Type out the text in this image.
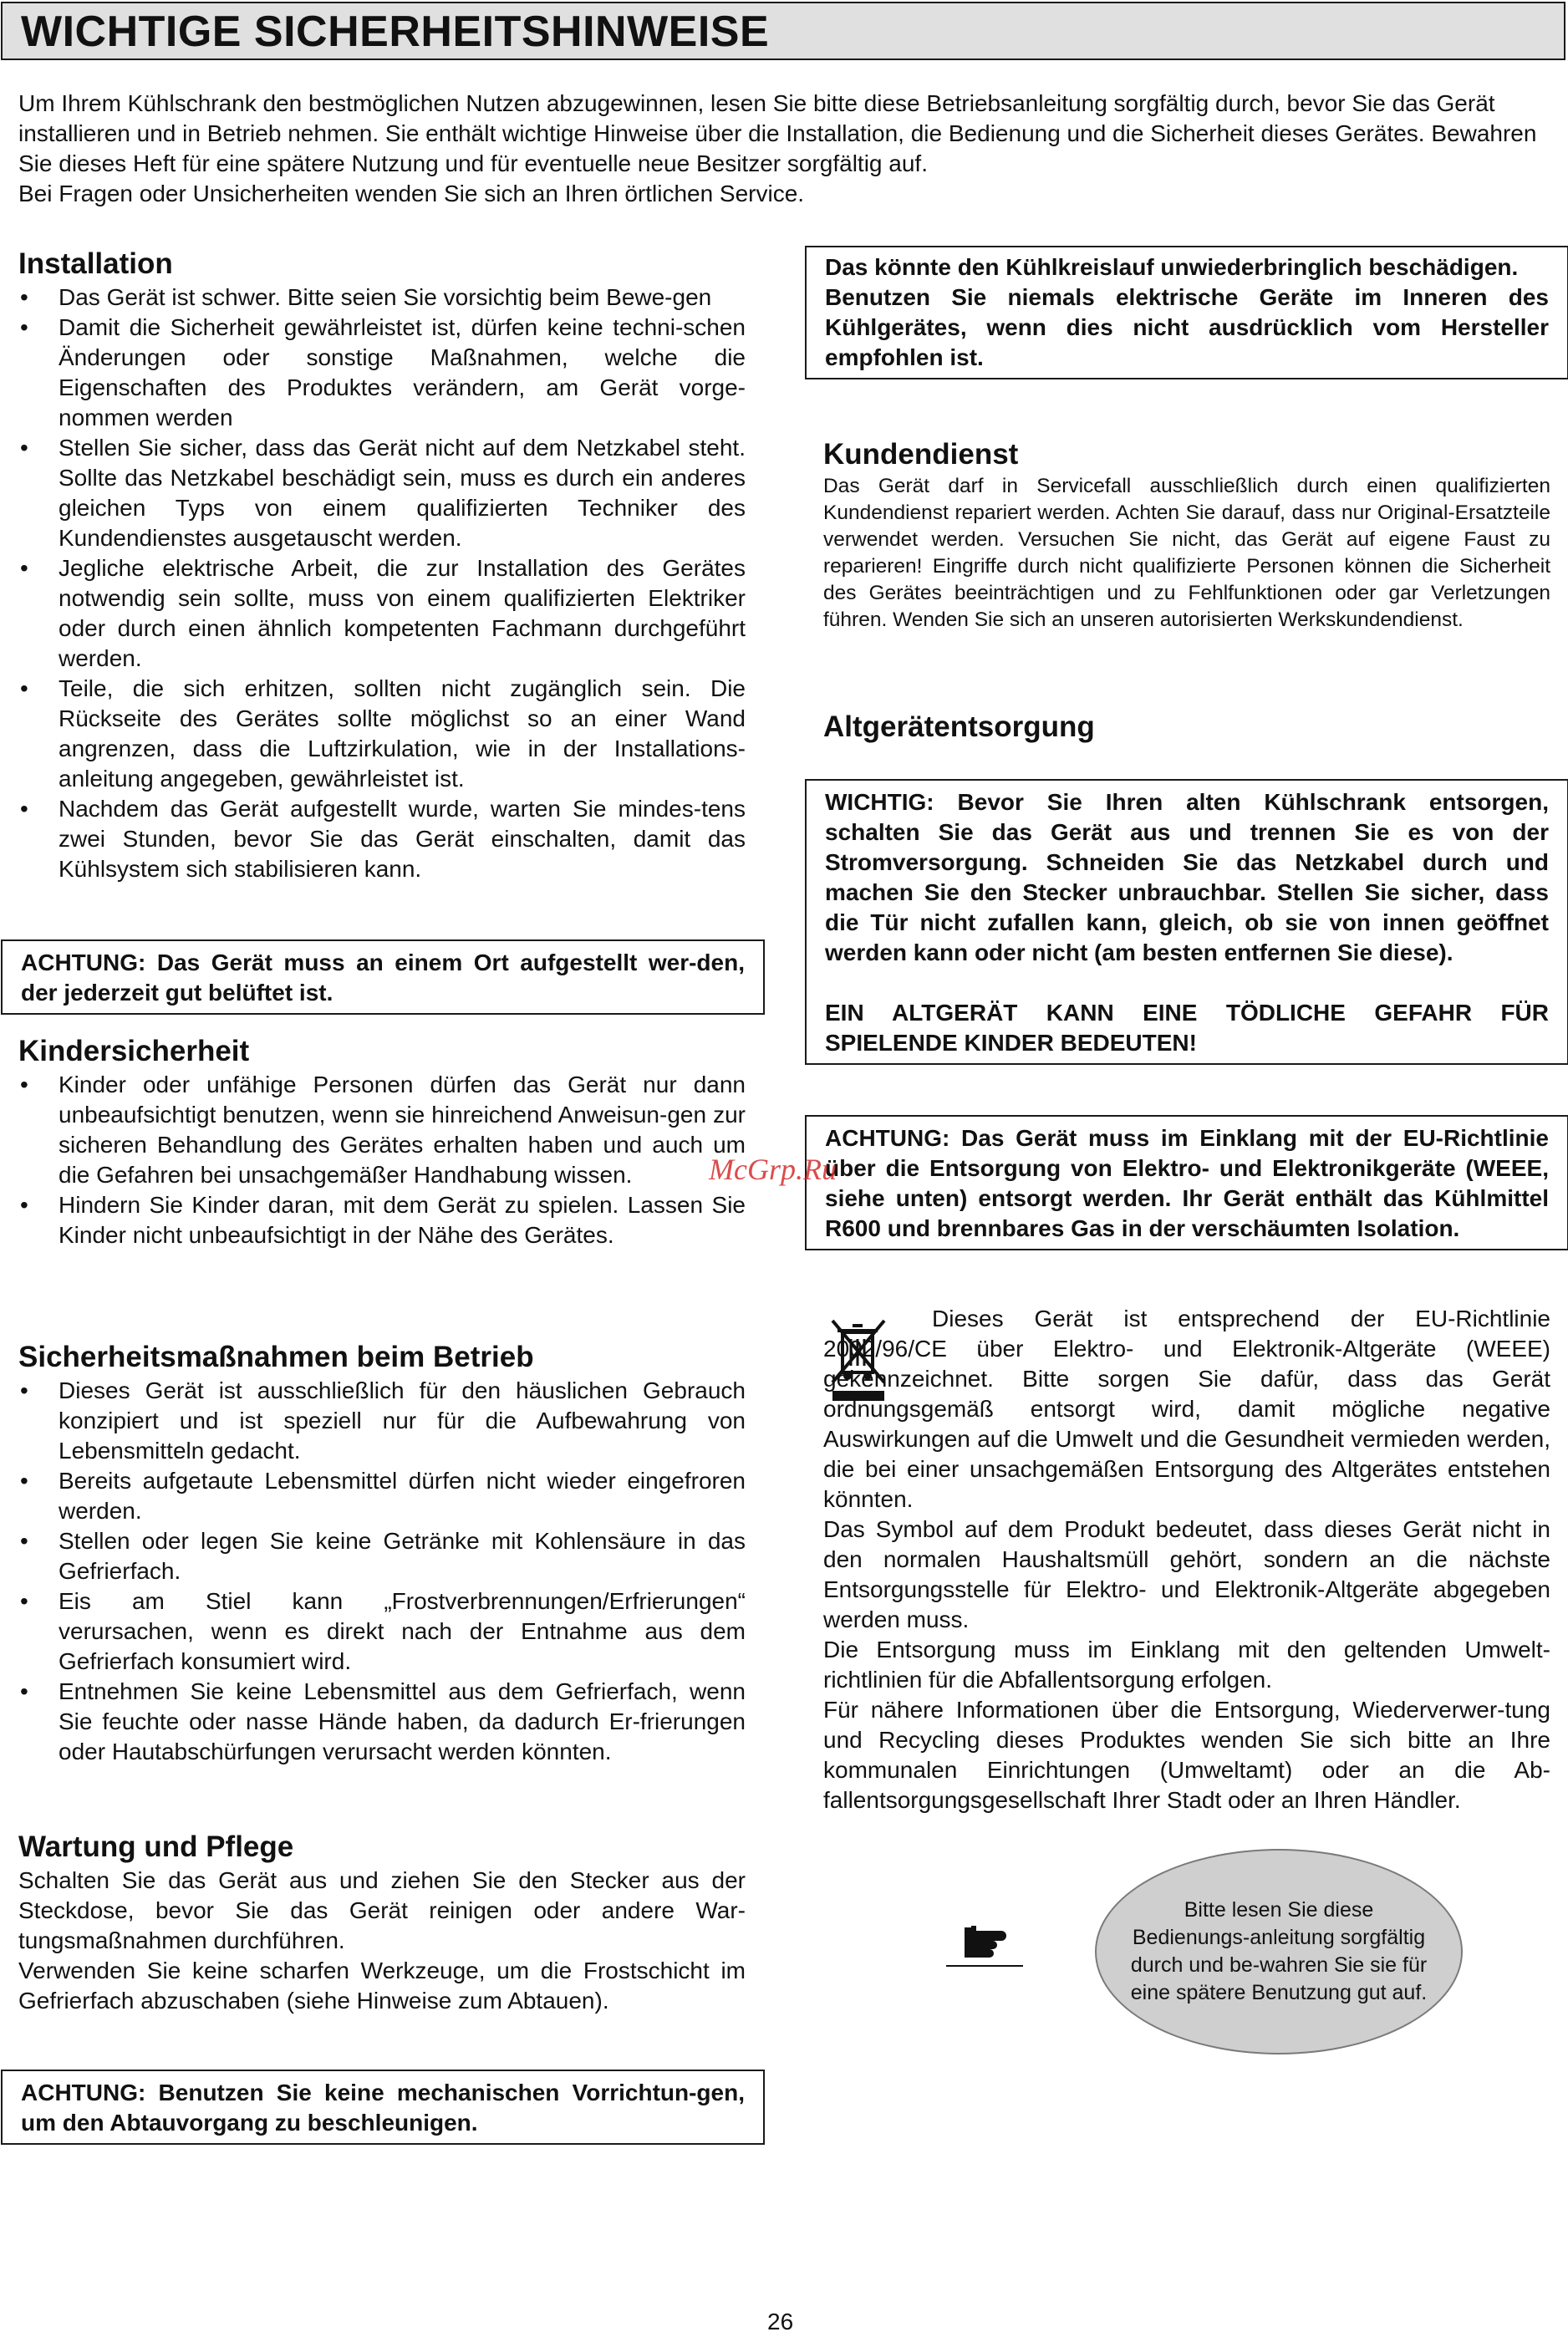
WICHTIGE SICHERHEITSHINWEISE

Um Ihrem Kühlschrank den bestmöglichen Nutzen abzugewinnen, lesen Sie bitte diese Betriebsanleitung sorgfältig durch, bevor Sie das Gerät installieren und in Betrieb nehmen. Sie enthält wichtige Hinweise über die Installation, die Bedienung und die Sicherheit dieses Gerätes. Bewahren Sie dieses Heft für eine spätere Nutzung und für eventuelle neue Besitzer sorgfältig auf.

Bei Fragen oder Unsicherheiten wenden Sie sich an Ihren örtlichen Service.

Installation
• Das Gerät ist schwer. Bitte seien Sie vorsichtig beim Bewe-gen
• Damit die Sicherheit gewährleistet ist, dürfen keine techni-schen Änderungen oder sonstige Maßnahmen, welche die Eigenschaften des Produktes verändern, am Gerät vorge-nommen werden
• Stellen Sie sicher, dass das Gerät nicht auf dem Netzkabel steht. Sollte das Netzkabel beschädigt sein, muss es durch ein anderes gleichen Typs von einem qualifizierten Techniker des Kundendienstes ausgetauscht werden.
• Jegliche elektrische Arbeit, die zur Installation des Gerätes notwendig sein sollte, muss von einem qualifizierten Elektriker oder durch einen ähnlich kompetenten Fachmann durchgeführt werden.
• Teile, die sich erhitzen, sollten nicht zugänglich sein. Die Rückseite des Gerätes sollte möglichst so an einer Wand angrenzen, dass die Luftzirkulation, wie in der Installations-anleitung angegeben, gewährleistet ist.
• Nachdem das Gerät aufgestellt wurde, warten Sie mindes-tens zwei Stunden, bevor Sie das Gerät einschalten, damit das Kühlsystem sich stabilisieren kann.

ACHTUNG: Das Gerät muss an einem Ort aufgestellt wer-den, der jederzeit gut belüftet ist.

Kindersicherheit
• Kinder oder unfähige Personen dürfen das Gerät nur dann unbeaufsichtigt benutzen, wenn sie hinreichend Anweisun-gen zur sicheren Behandlung des Gerätes erhalten haben und auch um die Gefahren bei unsachgemäßer Handhabung wissen.
• Hindern Sie Kinder daran, mit dem Gerät zu spielen. Lassen Sie Kinder nicht unbeaufsichtigt in der Nähe des Gerätes.
Sicherheitsmaßnahmen beim Betrieb
• Dieses Gerät ist ausschließlich für den häuslichen Gebrauch konzipiert und ist speziell nur für die Aufbewahrung von Lebensmitteln gedacht.
• Bereits aufgetaute Lebensmittel dürfen nicht wieder eingefroren werden.
• Stellen oder legen Sie keine Getränke mit Kohlensäure in das Gefrierfach.
• Eis am Stiel kann „Frostverbrennungen/Erfrierungen“ verursachen, wenn es direkt nach der Entnahme aus dem Gefrierfach konsumiert wird.
• Entnehmen Sie keine Lebensmittel aus dem Gefrierfach, wenn Sie feuchte oder nasse Hände haben, da dadurch Er-frierungen oder Hautabschürfungen verursacht werden könnten.
Wartung und Pflege

Schalten Sie das Gerät aus und ziehen Sie den Stecker aus der Steckdose, bevor Sie das Gerät reinigen oder andere War-tungsmaßnahmen durchführen.

Verwenden Sie keine scharfen Werkzeuge, um die Frostschicht im Gefrierfach abzuschaben (siehe Hinweise zum Abtauen).

ACHTUNG: Benutzen Sie keine mechanischen Vorrichtun-gen, um den Abtauvorgang zu beschleunigen.

Das könnte den Kühlkreislauf unwiederbringlich beschädigen.

Benutzen Sie niemals elektrische Geräte im Inneren des Kühlgerätes, wenn dies nicht ausdrücklich vom Hersteller empfohlen ist.

Kundendienst

Das Gerät darf in Servicefall ausschließlich durch einen qualifizierten Kundendienst repariert werden. Achten Sie darauf, dass nur Original-Ersatzteile verwendet werden. Versuchen Sie nicht, das Gerät auf eigene Faust zu reparieren! Eingriffe durch nicht qualifizierte Personen können die Sicherheit des Gerätes beeinträchtigen und zu Fehlfunktionen oder gar Verletzungen führen. Wenden Sie sich an unseren autorisierten Werkskundendienst.

Altgerätentsorgung

WICHTIG: Bevor Sie Ihren alten Kühlschrank entsorgen, schalten Sie das Gerät aus und trennen Sie es von der Stromversorgung. Schneiden Sie das Netzkabel durch und machen Sie den Stecker unbrauchbar. Stellen Sie sicher, dass die Tür nicht zufallen kann, gleich, ob sie von innen geöffnet werden kann oder nicht (am besten entfernen Sie diese).

EIN ALTGERÄT KANN EINE TÖDLICHE GEFAHR FÜR SPIELENDE KINDER BEDEUTEN!

ACHTUNG: Das Gerät muss im Einklang mit der EU-Richtlinie über die Entsorgung von Elektro- und Elektronikgeräte (WEEE, siehe unten) entsorgt werden. Ihr Gerät enthält das Kühlmittel R600 und brennbares Gas in der verschäumten Isolation.

Dieses Gerät ist entsprechend der EU-Richtlinie 2002/96/CE über Elektro- und Elektronik-Altgeräte (WEEE) gekennzeichnet. Bitte sorgen Sie dafür, dass das Gerät ordnungsgemäß entsorgt wird, damit mögliche negative Auswirkungen auf die Umwelt und die Gesundheit vermieden werden, die bei einer unsachgemäßen Entsorgung des Altgerätes entstehen könnten.

Das Symbol auf dem Produkt bedeutet, dass dieses Gerät nicht in den normalen Haushaltsmüll gehört, sondern an die nächste Entsorgungsstelle für Elektro- und Elektronik-Altgeräte abgegeben werden muss.

Die Entsorgung muss im Einklang mit den geltenden Umwelt-richtlinien für die Abfallentsorgung erfolgen.

Für nähere Informationen über die Entsorgung, Wiederverwer-tung und Recycling dieses Produktes wenden Sie sich bitte an Ihre kommunalen Einrichtungen (Umweltamt) oder an die Ab-fallentsorgungsgesellschaft Ihrer Stadt oder an Ihren Händler.

Bitte lesen Sie diese Bedienungs-anleitung sorgfältig durch und be-wahren Sie sie für eine spätere Benutzung gut auf.
McGrp.Ru
26
